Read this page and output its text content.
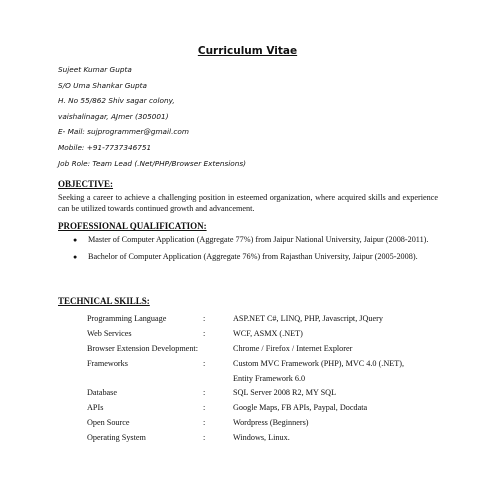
Curriculum Vitae
Sujeet Kumar Gupta
S/O Uma Shankar Gupta
H. No 55/862 Shiv sagar colony,
vaishalinagar, AJmer (305001)
E- Mail: sujprogrammer@gmail.com
Mobile: +91-7737346751
Job Role: Team Lead (.Net/PHP/Browser Extensions)
OBJECTIVE:

Seeking a career to achieve a challenging position in esteemed organization, where acquired skills and experience can be utilized towards continued growth and advancement.

PROFESSIONAL QUALIFICATION:
● Master of Computer Application (Aggregate 77%) from Jaipur National University, Jaipur (2008-2011).
● Bachelor of Computer Application (Aggregate 76%) from Rajasthan University, Jaipur (2005-2008).
TECHNICAL SKILLS:
Programming Language	:	ASP.NET C#, LINQ, PHP, Javascript, JQuery
Web Services	:	WCF, ASMX (.NET)
Browser Extension Development:	Chrome / Firefox / Internet Explorer
Frameworks	:	Custom MVC Framework (PHP), MVC 4.0 (.NET),
Entity Framework 6.0
Database	:	SQL Server 2008 R2, MY SQL
APIs	:	Google Maps, FB APIs, Paypal, Docdata
Open Source	:	Wordpress (Beginners)
Operating System	:	Windows, Linux.
